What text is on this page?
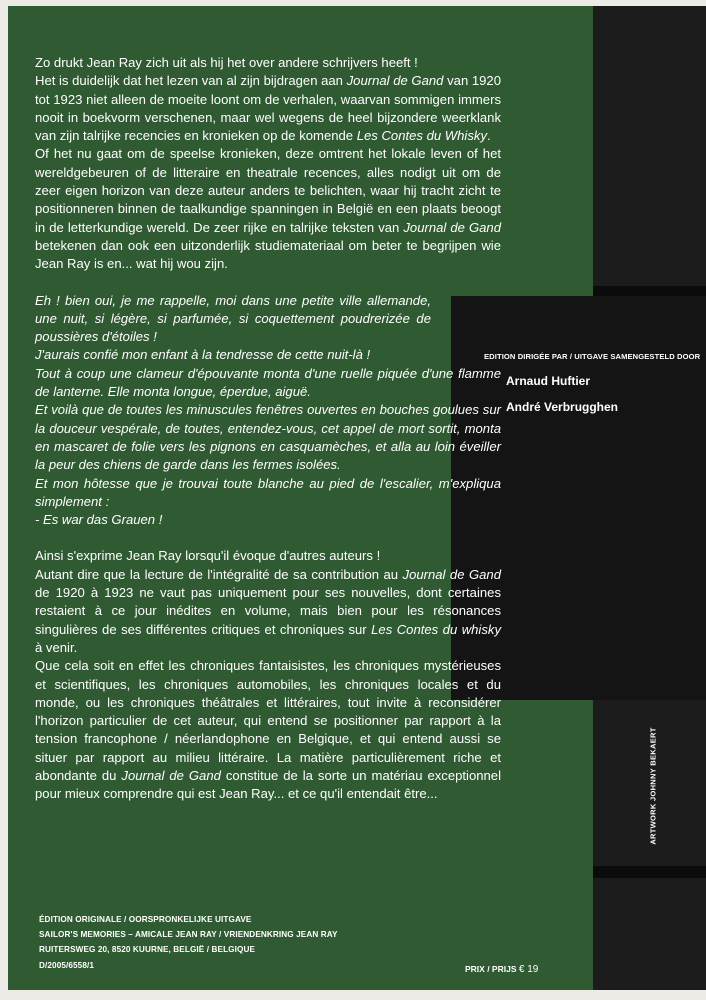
EDITION DIRIGÉE PAR / UITGAVE SAMENGESTELD DOOR
Arnaud Huftier
André Verbrugghen
ARTWORK JOHNNY BEKAERT

Zo drukt Jean Ray zich uit als hij het over andere schrijvers heeft !

Het is duidelijk dat het lezen van al zijn bijdragen aan Journal de Gand van 1920 tot 1923 niet alleen de moeite loont om de verhalen, waarvan sommigen immers nooit in boekvorm verschenen, maar wel wegens de heel bijzondere weerklank van zijn talrijke recencies en kronieken op de komende Les Contes du Whisky.

Of het nu gaat om de speelse kronieken, deze omtrent het lokale leven of het wereldgebeuren of de litteraire en theatrale recences, alles nodigt uit om de zeer eigen horizon van deze auteur anders te belichten, waar hij tracht zicht te positionneren binnen de taalkundige spanningen in België en een plaats beoogt in de letterkundige wereld. De zeer rijke en talrijke teksten van Journal de Gand betekenen dan ook een uitzonderlijk studiemateriaal om beter te begrijpen wie Jean Ray is en... wat hij wou zijn.

Eh ! bien oui, je me rappelle, moi dans une petite ville allemande, une nuit, si légère, si parfumée, si coquettement poudrerizée de poussières d'étoiles !

J'aurais confié mon enfant à la tendresse de cette nuit-là !

Tout à coup une clameur d'épouvante monta d'une ruelle piquée d'une flamme de lanterne. Elle monta longue, éperdue, aiguë.

Et voilà que de toutes les minuscules fenêtres ouvertes en bouches goulues sur la douceur vespérale, de toutes, entendez-vous, cet appel de mort sortit, monta en mascaret de folie vers les pignons en casquamèches, et alla au loin éveiller la peur des chiens de garde dans les fermes isolées.

Et mon hôtesse que je trouvai toute blanche au pied de l'escalier, m'expliqua simplement :

- Es war das Grauen !

Ainsi s'exprime Jean Ray lorsqu'il évoque d'autres auteurs !

Autant dire que la lecture de l'intégralité de sa contribution au Journal de Gand de 1920 à 1923 ne vaut pas uniquement pour ses nouvelles, dont certaines restaient à ce jour inédites en volume, mais bien pour les résonances singulières de ses différentes critiques et chroniques sur Les Contes du whisky à venir.

Que cela soit en effet les chroniques fantaisistes, les chroniques mystérieuses et scientifiques, les chroniques automobiles, les chroniques locales et du monde, ou les chroniques théâtrales et littéraires, tout invite à reconsidérer l'horizon particulier de cet auteur, qui entend se positionner par rapport à la tension francophone / néerlandophone en Belgique, et qui entend aussi se situer par rapport au milieu littéraire. La matière particulièrement riche et abondante du Journal de Gand constitue de la sorte un matériau exceptionnel pour mieux comprendre qui est Jean Ray... et ce qu'il entendait être...

ÉDITION ORIGINALE / OORSPRONKELIJKE UITGAVE
SAILOR'S MEMORIES – AMICALE JEAN RAY / VRIENDENKRING JEAN RAY
RUITERSWEG 20, 8520 KUURNE, BELGIË / BELGIQUE
D/2005/6558/1	PRIX / PRIJS € 19
